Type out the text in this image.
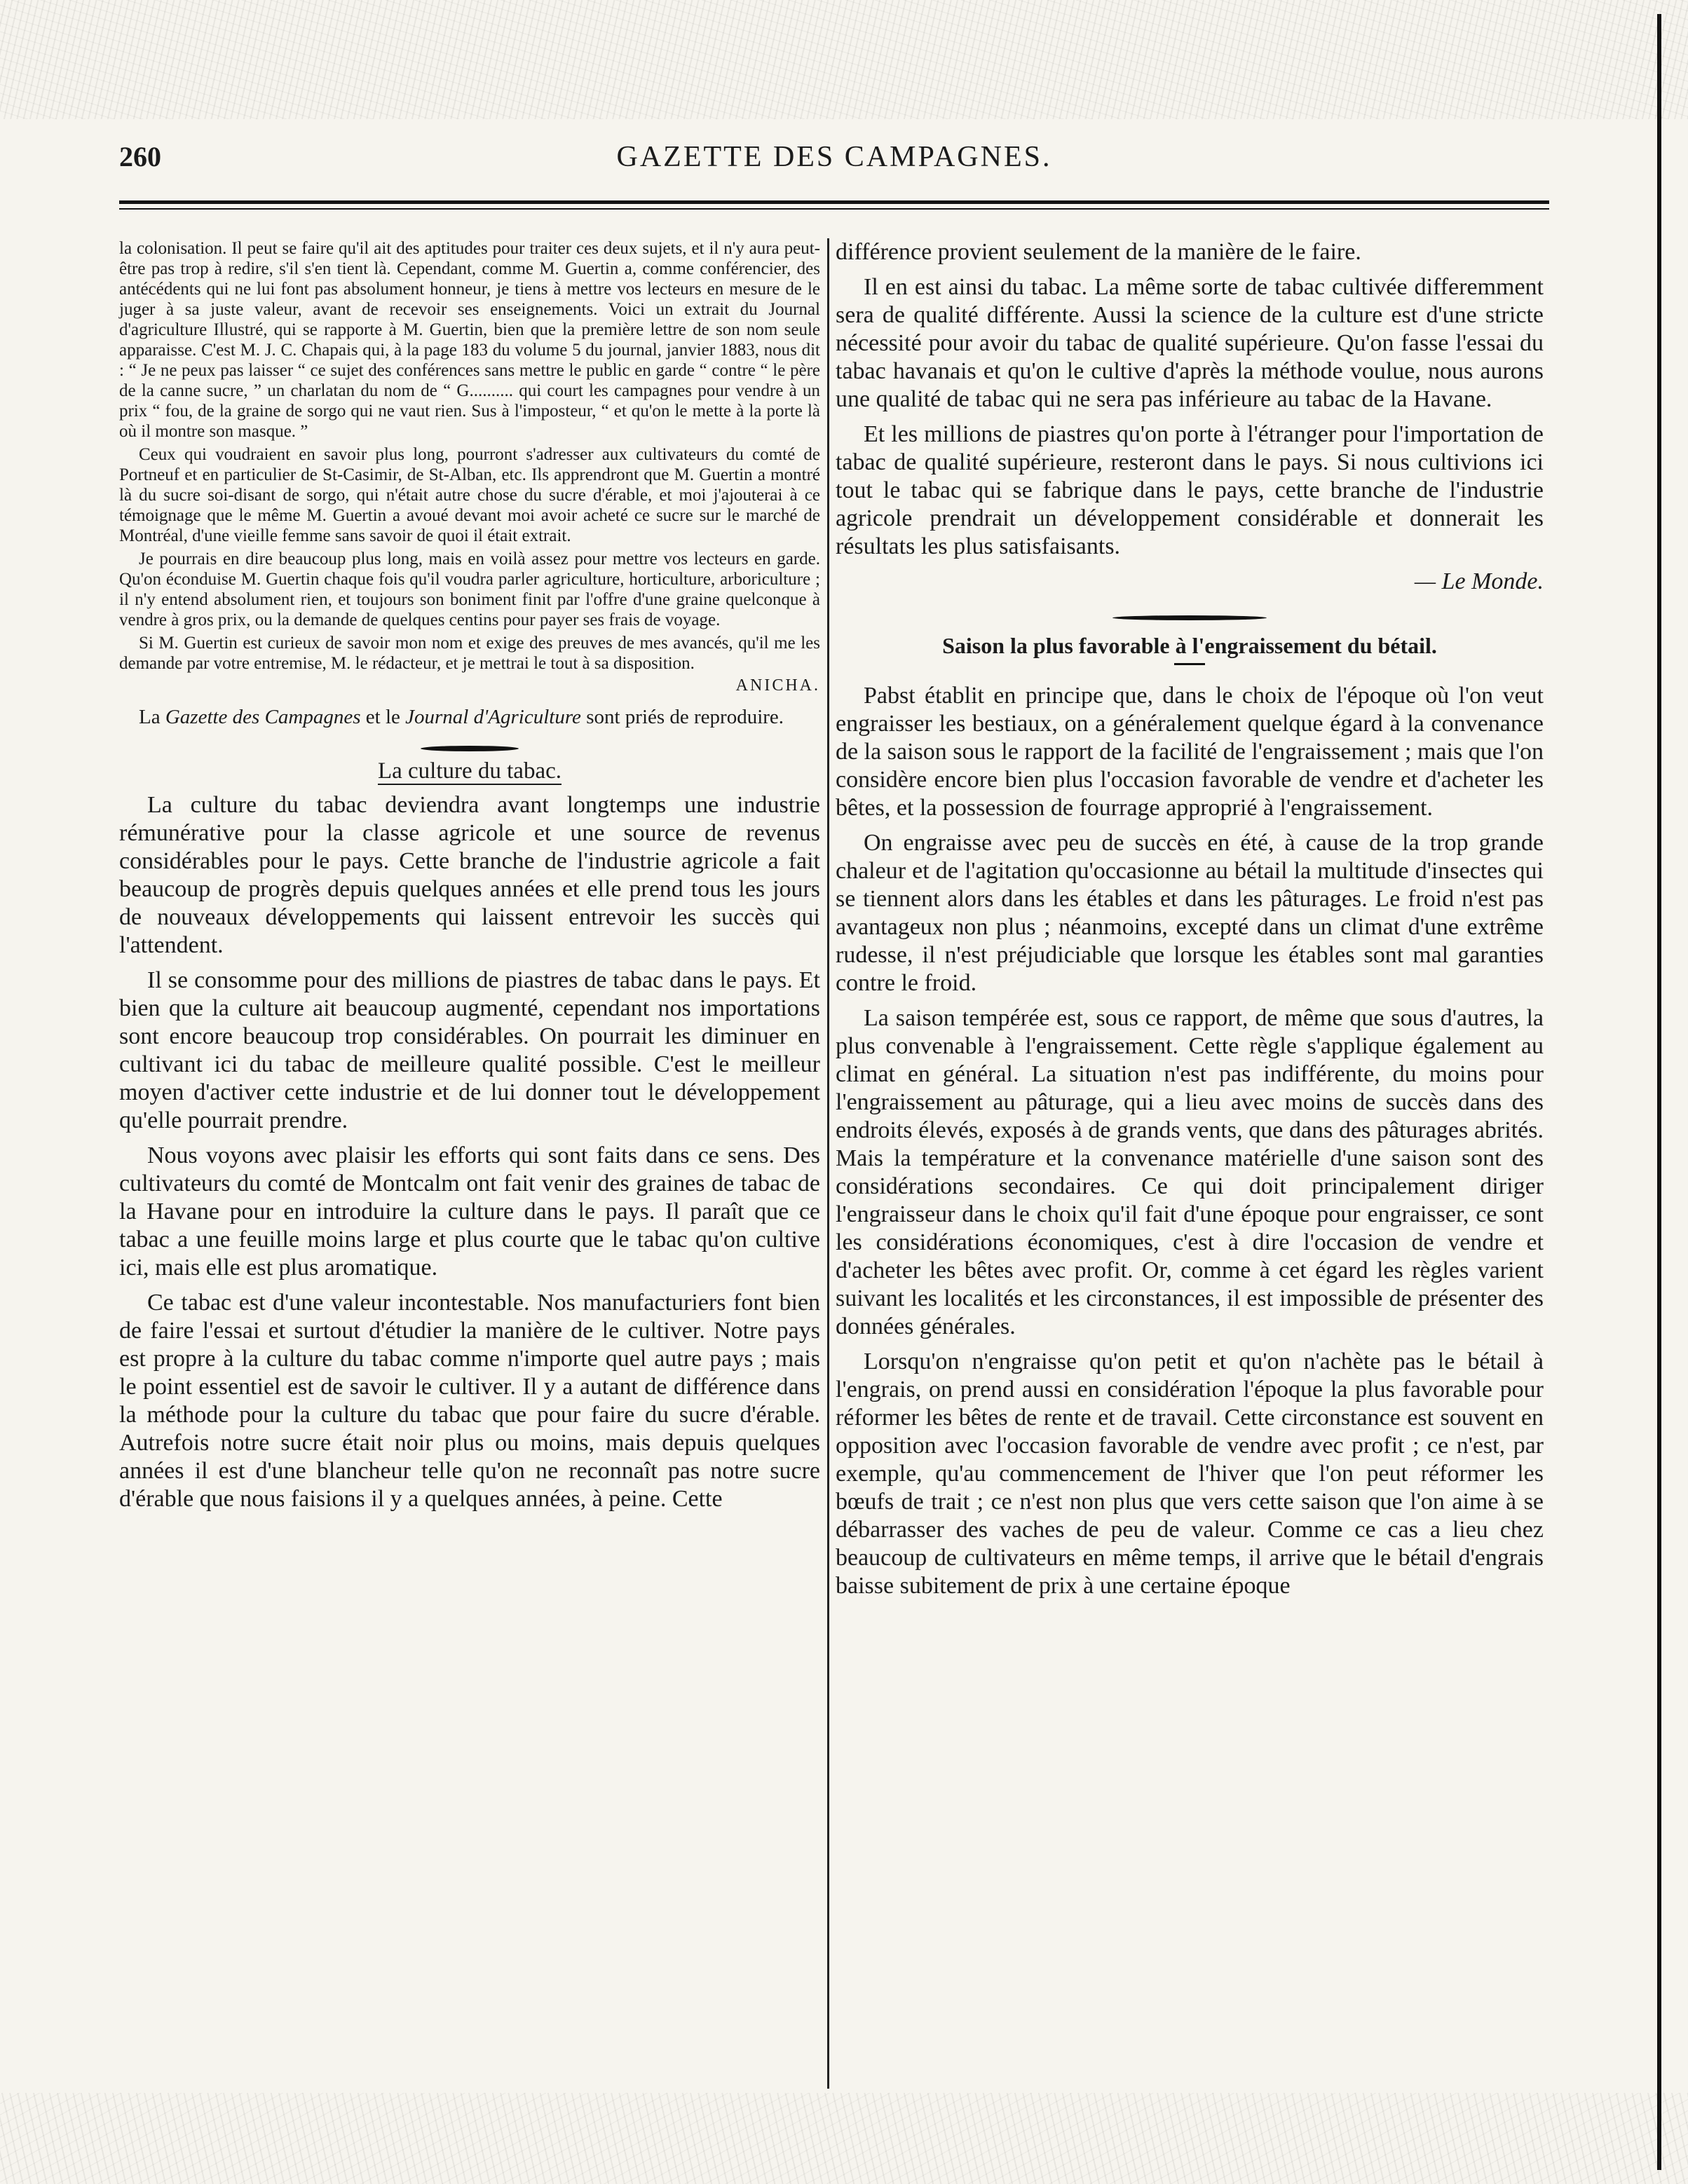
260	GAZETTE DES CAMPAGNES.

la colonisation. Il peut se faire qu'il ait des aptitudes pour traiter ces deux sujets, et il n'y aura peut-être pas trop à redire, s'il s'en tient là. Cependant, comme M. Guertin a, comme conférencier, des antécédents qui ne lui font pas absolument honneur, je tiens à mettre vos lecteurs en mesure de le juger à sa juste valeur, avant de recevoir ses enseignements. Voici un extrait du Journal d'agriculture Illustré, qui se rapporte à M. Guertin, bien que la première lettre de son nom seule apparaisse. C'est M. J. C. Chapais qui, à la page 183 du volume 5 du journal, janvier 1883, nous dit : “ Je ne peux pas laisser “ ce sujet des conférences sans mettre le public en garde “ contre “ le père de la canne sucre, ” un charlatan du nom de “ G.......... qui court les campagnes pour vendre à un prix “ fou, de la graine de sorgo qui ne vaut rien. Sus à l'imposteur, “ et qu'on le mette à la porte là où il montre son masque. ”

Ceux qui voudraient en savoir plus long, pourront s'adresser aux cultivateurs du comté de Portneuf et en particulier de St-Casimir, de St-Alban, etc. Ils apprendront que M. Guertin a montré là du sucre soi-disant de sorgo, qui n'était autre chose du sucre d'érable, et moi j'ajouterai à ce témoignage que le même M. Guertin a avoué devant moi avoir acheté ce sucre sur le marché de Montréal, d'une vieille femme sans savoir de quoi il était extrait.

Je pourrais en dire beaucoup plus long, mais en voilà assez pour mettre vos lecteurs en garde. Qu'on éconduise M. Guertin chaque fois qu'il voudra parler agriculture, horticulture, arboriculture ; il n'y entend absolument rien, et toujours son boniment finit par l'offre d'une graine quelconque à vendre à gros prix, ou la demande de quelques centins pour payer ses frais de voyage.

Si M. Guertin est curieux de savoir mon nom et exige des preuves de mes avancés, qu'il me les demande par votre entremise, M. le rédacteur, et je mettrai le tout à sa disposition.

ANICHA.

La Gazette des Campagnes et le Journal d'Agriculture sont priés de reproduire.

La culture du tabac.

La culture du tabac deviendra avant longtemps une industrie rémunérative pour la classe agricole et une source de revenus considérables pour le pays. Cette branche de l'industrie agricole a fait beaucoup de progrès depuis quelques années et elle prend tous les jours de nouveaux développements qui laissent entrevoir les succès qui l'attendent.

Il se consomme pour des millions de piastres de tabac dans le pays. Et bien que la culture ait beaucoup augmenté, cependant nos importations sont encore beaucoup trop considérables. On pourrait les diminuer en cultivant ici du tabac de meilleure qualité possible. C'est le meilleur moyen d'activer cette industrie et de lui donner tout le développement qu'elle pourrait prendre.

Nous voyons avec plaisir les efforts qui sont faits dans ce sens. Des cultivateurs du comté de Montcalm ont fait venir des graines de tabac de la Havane pour en introduire la culture dans le pays. Il paraît que ce tabac a une feuille moins large et plus courte que le tabac qu'on cultive ici, mais elle est plus aromatique.

Ce tabac est d'une valeur incontestable. Nos manufacturiers font bien de faire l'essai et surtout d'étudier la manière de le cultiver. Notre pays est propre à la culture du tabac comme n'importe quel autre pays ; mais le point essentiel est de savoir le cultiver. Il y a autant de différence dans la méthode pour la culture du tabac que pour faire du sucre d'érable. Autrefois notre sucre était noir plus ou moins, mais depuis quelques années il est d'une blancheur telle qu'on ne reconnaît pas notre sucre d'érable que nous faisions il y a quelques années, à peine. Cette

différence provient seulement de la manière de le faire.

Il en est ainsi du tabac. La même sorte de tabac cultivée differemment sera de qualité différente. Aussi la science de la culture est d'une stricte nécessité pour avoir du tabac de qualité supérieure. Qu'on fasse l'essai du tabac havanais et qu'on le cultive d'après la méthode voulue, nous aurons une qualité de tabac qui ne sera pas inférieure au tabac de la Havane.

Et les millions de piastres qu'on porte à l'étranger pour l'importation de tabac de qualité supérieure, resteront dans le pays. Si nous cultivions ici tout le tabac qui se fabrique dans le pays, cette branche de l'industrie agricole prendrait un développement considérable et donnerait les résultats les plus satisfaisants.

— Le Monde.

Saison la plus favorable à l'engraissement du bétail.

Pabst établit en principe que, dans le choix de l'époque où l'on veut engraisser les bestiaux, on a généralement quelque égard à la convenance de la saison sous le rapport de la facilité de l'engraissement ; mais que l'on considère encore bien plus l'occasion favorable de vendre et d'acheter les bêtes, et la possession de fourrage approprié à l'engraissement.

On engraisse avec peu de succès en été, à cause de la trop grande chaleur et de l'agitation qu'occasionne au bétail la multitude d'insectes qui se tiennent alors dans les étables et dans les pâturages. Le froid n'est pas avantageux non plus ; néanmoins, excepté dans un climat d'une extrême rudesse, il n'est préjudiciable que lorsque les étables sont mal garanties contre le froid.

La saison tempérée est, sous ce rapport, de même que sous d'autres, la plus convenable à l'engraissement. Cette règle s'applique également au climat en général. La situation n'est pas indifférente, du moins pour l'engraissement au pâturage, qui a lieu avec moins de succès dans des endroits élevés, exposés à de grands vents, que dans des pâturages abrités. Mais la température et la convenance matérielle d'une saison sont des considérations secondaires. Ce qui doit principalement diriger l'engraisseur dans le choix qu'il fait d'une époque pour engraisser, ce sont les considérations économiques, c'est à dire l'occasion de vendre et d'acheter les bêtes avec profit. Or, comme à cet égard les règles varient suivant les localités et les circonstances, il est impossible de présenter des données générales.

Lorsqu'on n'engraisse qu'on petit et qu'on n'achète pas le bétail à l'engrais, on prend aussi en considération l'époque la plus favorable pour réformer les bêtes de rente et de travail. Cette circonstance est souvent en opposition avec l'occasion favorable de vendre avec profit ; ce n'est, par exemple, qu'au commencement de l'hiver que l'on peut réformer les bœufs de trait ; ce n'est non plus que vers cette saison que l'on aime à se débarrasser des vaches de peu de valeur. Comme ce cas a lieu chez beaucoup de cultivateurs en même temps, il arrive que le bétail d'engrais baisse subitement de prix à une certaine époque
